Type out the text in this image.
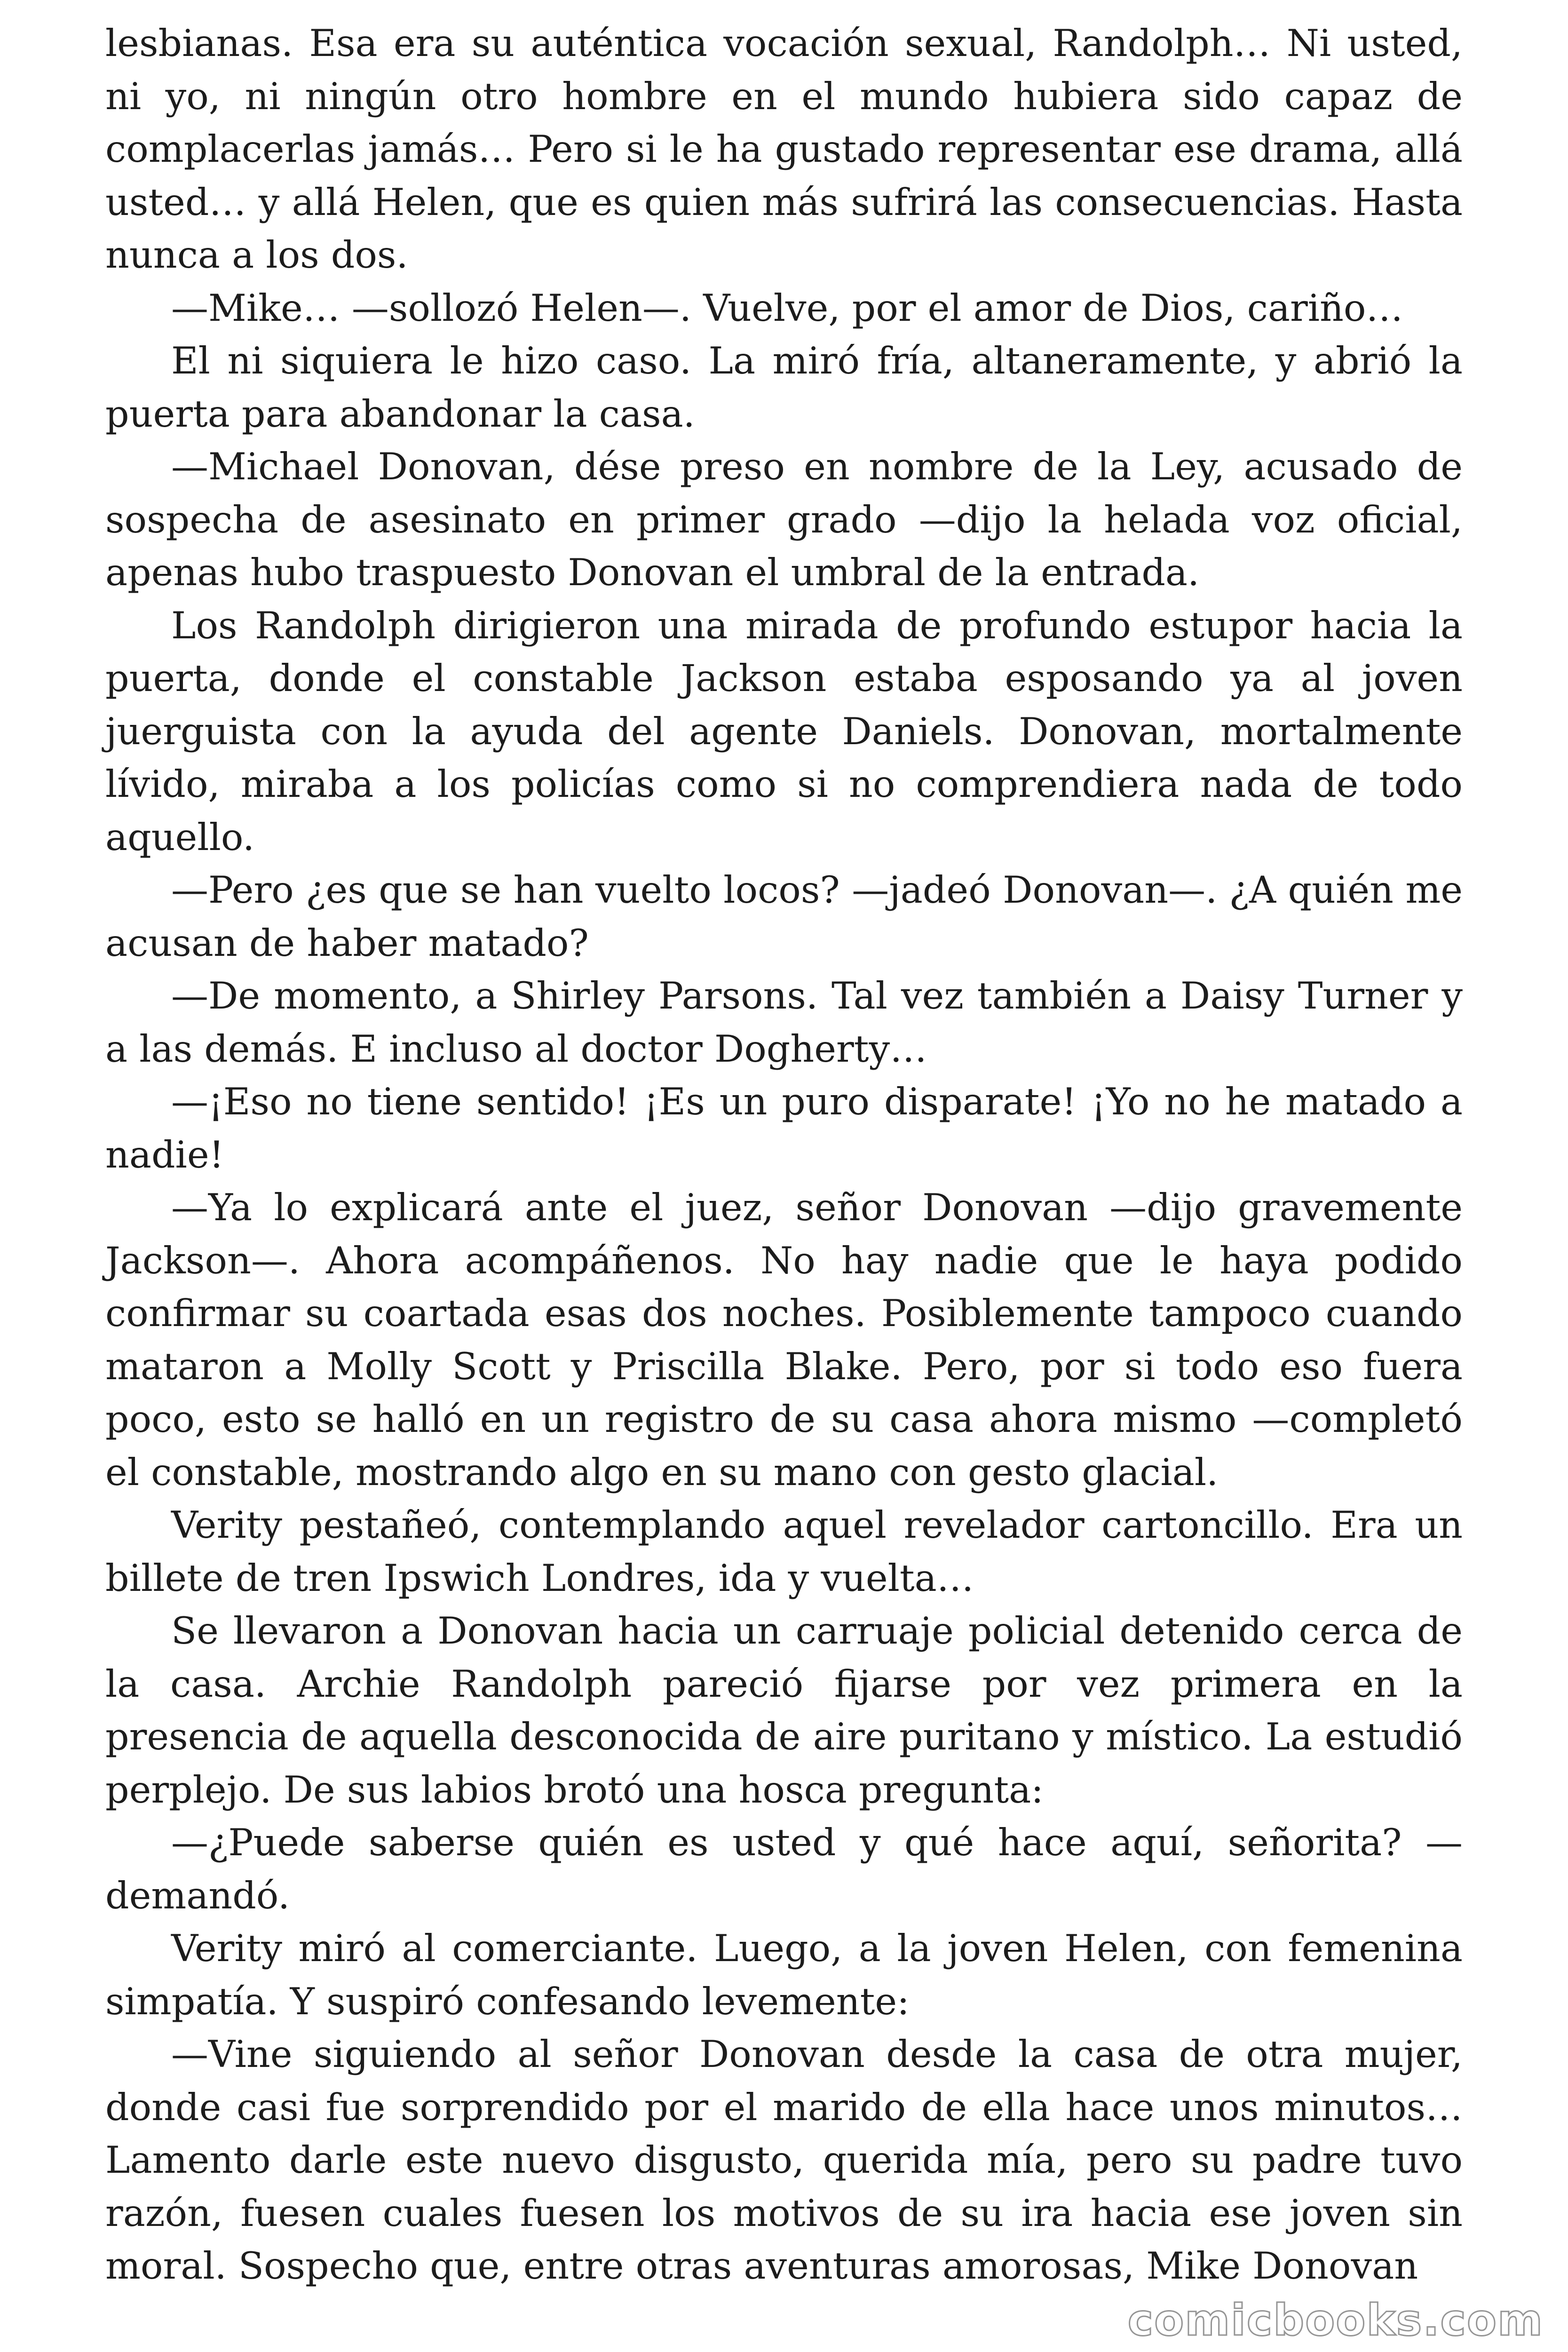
lesbianas. Esa era su auténtica vocación sexual, Randolph… Ni usted, ni yo, ni ningún otro hombre en el mundo hubiera sido capaz de complacerlas jamás… Pero si le ha gustado representar ese drama, allá usted… y allá Helen, que es quien más sufrirá las consecuencias. Hasta nunca a los dos.

—Mike… —sollozó Helen—. Vuelve, por el amor de Dios, cariño…

El ni siquiera le hizo caso. La miró fría, altaneramente, y abrió la puerta para abandonar la casa.

—Michael Donovan, dése preso en nombre de la Ley, acusado de sospecha de asesinato en primer grado —dijo la helada voz oficial, apenas hubo traspuesto Donovan el umbral de la entrada.

Los Randolph dirigieron una mirada de profundo estupor hacia la puerta, donde el constable Jackson estaba esposando ya al joven juerguista con la ayuda del agente Daniels. Donovan, mortalmente lívido, miraba a los policías como si no comprendiera nada de todo aquello.

—Pero ¿es que se han vuelto locos? —jadeó Donovan—. ¿A quién me acusan de haber matado?

—De momento, a Shirley Parsons. Tal vez también a Daisy Turner y a las demás. E incluso al doctor Dogherty…

—¡Eso no tiene sentido! ¡Es un puro disparate! ¡Yo no he matado a nadie!

—Ya lo explicará ante el juez, señor Donovan —dijo gravemente Jackson—. Ahora acompáñenos. No hay nadie que le haya podido confirmar su coartada esas dos noches. Posiblemente tampoco cuando mataron a Molly Scott y Priscilla Blake. Pero, por si todo eso fuera poco, esto se halló en un registro de su casa ahora mismo —completó el constable, mostrando algo en su mano con gesto glacial.

Verity pestañeó, contemplando aquel revelador cartoncillo. Era un billete de tren Ipswich Londres, ida y vuelta…

Se llevaron a Donovan hacia un carruaje policial detenido cerca de la casa. Archie Randolph pareció fijarse por vez primera en la presencia de aquella desconocida de aire puritano y místico. La estudió perplejo. De sus labios brotó una hosca pregunta:

—¿Puede saberse quién es usted y qué hace aquí, señorita? —demandó.

Verity miró al comerciante. Luego, a la joven Helen, con femenina simpatía. Y suspiró confesando levemente:

—Vine siguiendo al señor Donovan desde la casa de otra mujer, donde casi fue sorprendido por el marido de ella hace unos minutos… Lamento darle este nuevo disgusto, querida mía, pero su padre tuvo razón, fuesen cuales fuesen los motivos de su ira hacia ese joven sin moral. Sospecho que, entre otras aventuras amorosas, Mike Donovan

comicbooks.com
